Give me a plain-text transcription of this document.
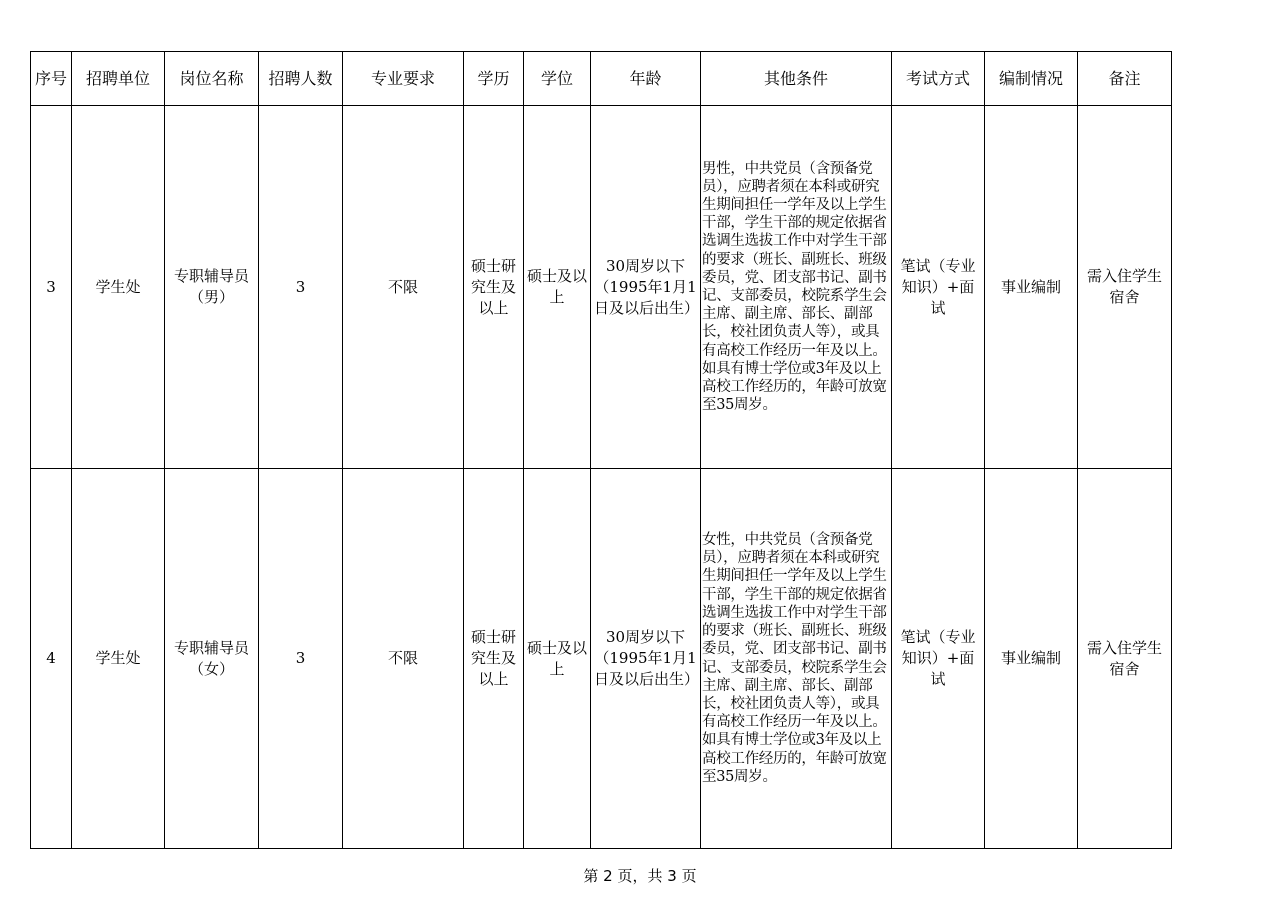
序号	招聘单位	岗位名称	招聘人数	专业要求	学历	学位	年龄	其他条件	考试方式	编制情况	备注
3	学生处	专职辅导员（男）	3	不限	硕士研究生及以上	硕士及以上	30周岁以下（1995年1月1日及以后出生）	男性，中共党员（含预备党员），应聘者须在本科或研究生期间担任一学年及以上学生干部，学生干部的规定依据省选调生选拔工作中对学生干部的要求（班长、副班长、班级委员，党、团支部书记、副书记、支部委员，校院系学生会主席、副主席、部长、副部长，校社团负责人等），或具有高校工作经历一年及以上。如具有博士学位或3年及以上高校工作经历的，年龄可放宽至35周岁。	笔试（专业知识）+面试	事业编制	需入住学生宿舍
4	学生处	专职辅导员（女）	3	不限	硕士研究生及以上	硕士及以上	30周岁以下（1995年1月1日及以后出生）	女性，中共党员（含预备党员），应聘者须在本科或研究生期间担任一学年及以上学生干部，学生干部的规定依据省选调生选拔工作中对学生干部的要求（班长、副班长、班级委员，党、团支部书记、副书记、支部委员，校院系学生会主席、副主席、部长、副部长，校社团负责人等），或具有高校工作经历一年及以上。如具有博士学位或3年及以上高校工作经历的，年龄可放宽至35周岁。	笔试（专业知识）+面试	事业编制	需入住学生宿舍
第 2 页，共 3 页
